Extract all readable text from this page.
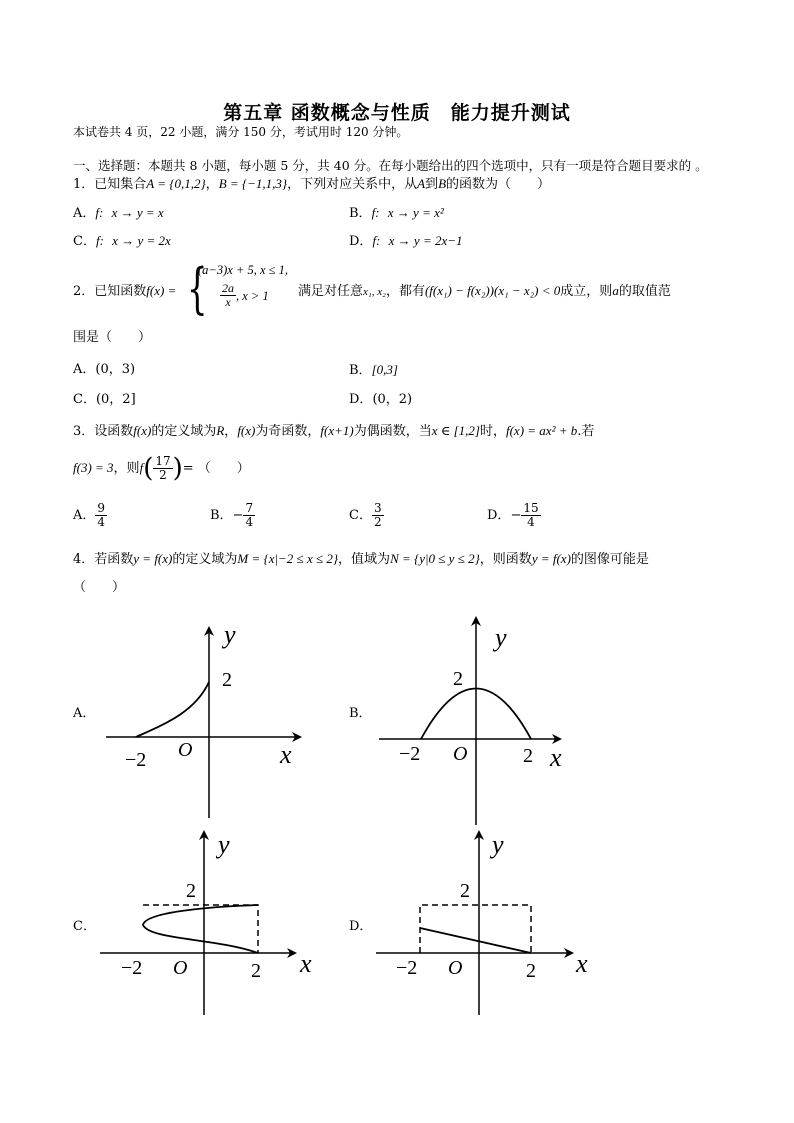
第五章 函数概念与性质　能力提升测试
本试卷共 4 页，22 小题，满分 150 分，考试用时 120 分钟。
一、选择题：本题共 8 小题，每小题 5 分，共 40 分。在每小题给出的四个选项中，只有一项是符合题目要求的 。
1．已知集合A = {0,1,2}，B = {−1,1,3}，下列对应关系中，从A到B的函数为（　　）
A．f: x → y = x	B．f: x → y = x²
C．f: x → y = 2x	D．f: x → y = 2x−1
2．已知函数f(x) = {
(a−3)x + 5, x ≤ 1,
$\frac{2a}{x}$ , x > 1 满足对任意x₁, x₂，都有(f(x₁) − f(x₂))(x₁ − x₂) < 0成立，则a的取值范
围是（　　）
A．(0，3)	B．[0,3]
C．(0，2]	D．(0，2)
3．设函数f(x)的定义域为R，f(x)为奇函数，f(x+1)为偶函数，当x ∈ [1,2]时，f(x) = ax² + b.若
f(3) = 3，则$f( \frac{17}{2}$ )= （　　）
A． $\frac{9}{4}$	B．− $\frac{7}{4}$	C． $\frac{3}{2}$	D．− $\frac{15}{4}$
4．若函数y = f(x)的定义域为M = {x|−2 ≤ x ≤ 2}，值域为N = {y|0 ≤ y ≤ 2}，则函数y = f(x)的图像可能是
（　　）
A．	B．
C．	D．
y
x
O
−2
2
y
x
O
−2	2
2
y
x
O
−2	2
2
y
x
O
−2	2
2
